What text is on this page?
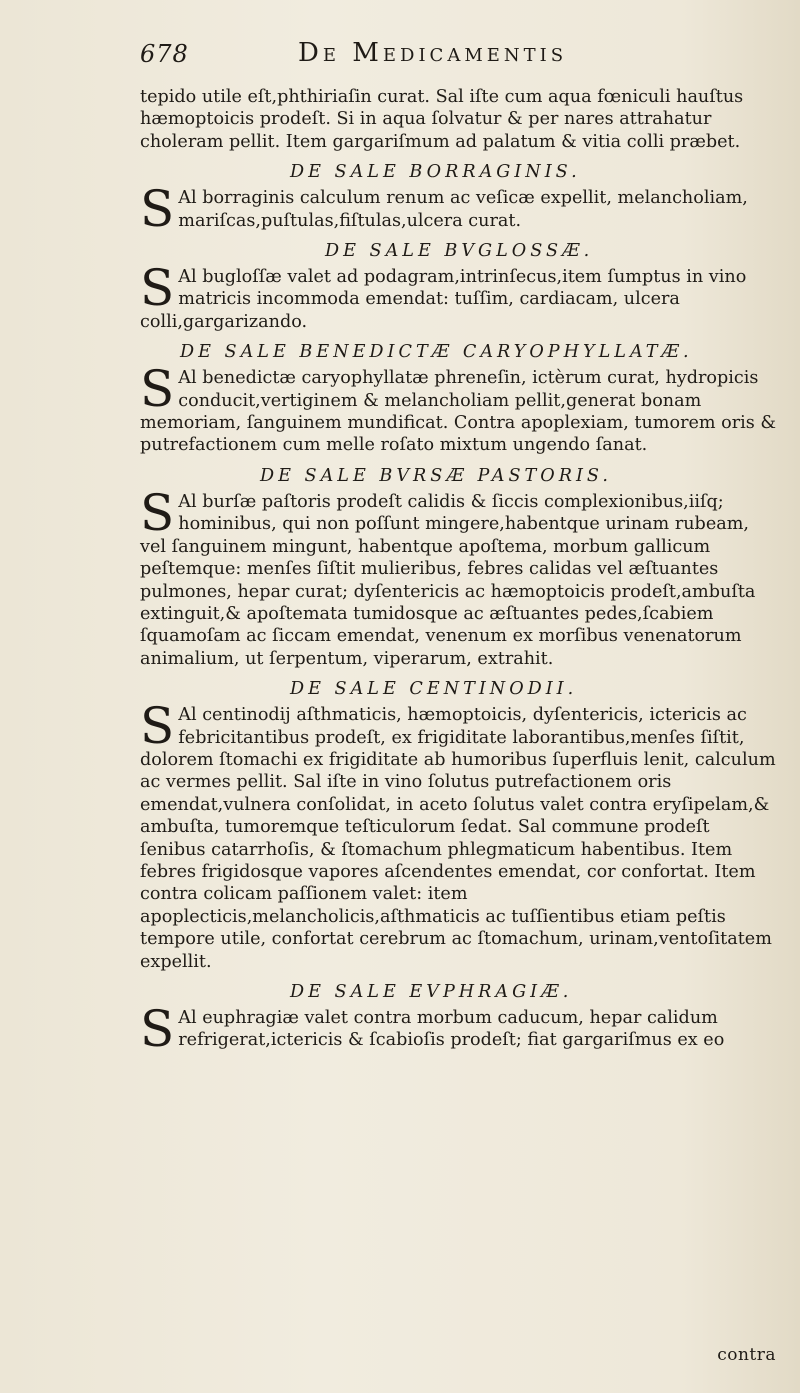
678	De Medicamentis

tepido utile eſt,phthiriaſin curat. Sal iſte cum aqua fœniculi hauſtus hæmoptoicis prodeſt. Si in aqua ſolvatur & per nares attrahatur choleram pellit. Item gargariſmum ad palatum & vitia colli præbet.

DE SALE BORRAGINIS.
S Al borraginis calculum renum ac veſicæ expellit, melancholiam, mariſcas,puſtulas,fiſtulas,ulcera curat.

DE SALE BVGLOSSÆ.
S Al bugloſſæ valet ad podagram,intrinſecus,item ſumptus in vino matricis incommoda emendat: tuſſim, cardiacam, ulcera colli,gargarizando.

DE SALE BENEDICTÆ CARYOPHYLLATÆ.
S Al benedictæ caryophyllatæ phreneſin, ictèrum curat, hydropicis conducit,vertiginem & melancholiam pellit,generat bonam memoriam, ſanguinem mundificat. Contra apoplexiam, tumorem oris & putrefactionem cum melle roſato mixtum ungendo ſanat.

DE SALE BVRSÆ PASTORIS.
S Al burſæ paſtoris prodeſt calidis & ſiccis complexionibus,iiſq; hominibus, qui non poſſunt mingere,habentque urinam rubeam, vel ſanguinem mingunt, habentque apoſtema, morbum gallicum peſtemque: menſes ſiſtit mulieribus, febres calidas vel æſtuantes pulmones, hepar curat; dyſentericis ac hæmoptoicis prodeſt,ambuſta extinguit,& apoſtemata tumidosque ac æſtuantes pedes,ſcabiem ſquamoſam ac ſiccam emendat, venenum ex morſibus venenatorum animalium, ut ſerpentum, viperarum, extrahit.

DE SALE CENTINODII.
S Al centinodij aſthmaticis, hæmoptoicis, dyſentericis, ictericis ac febricitantibus prodeſt, ex frigiditate laborantibus,menſes ſiſtit, dolorem ſtomachi ex frigiditate ab humoribus ſuperfluis lenit, calculum ac vermes pellit. Sal iſte in vino ſolutus putrefactionem oris emendat,vulnera conſolidat, in aceto ſolutus valet contra eryſipelam,& ambuſta, tumoremque teſticulorum ſedat. Sal commune prodeſt ſenibus catarrhoſis, & ſtomachum phlegmaticum habentibus. Item febres frigidosque vapores aſcendentes emendat, cor confortat. Item contra colicam paſſionem valet: item apoplecticis,melancholicis,aſthmaticis ac tuſſientibus etiam peſtis tempore utile, confortat cerebrum ac ſtomachum, urinam,ventoſitatem expellit.

DE SALE EVPHRAGIÆ.
S Al euphragiæ valet contra morbum caducum, hepar calidum refrigerat,ictericis & ſcabioſis prodeſt; fiat gargariſmus ex eo

contra
